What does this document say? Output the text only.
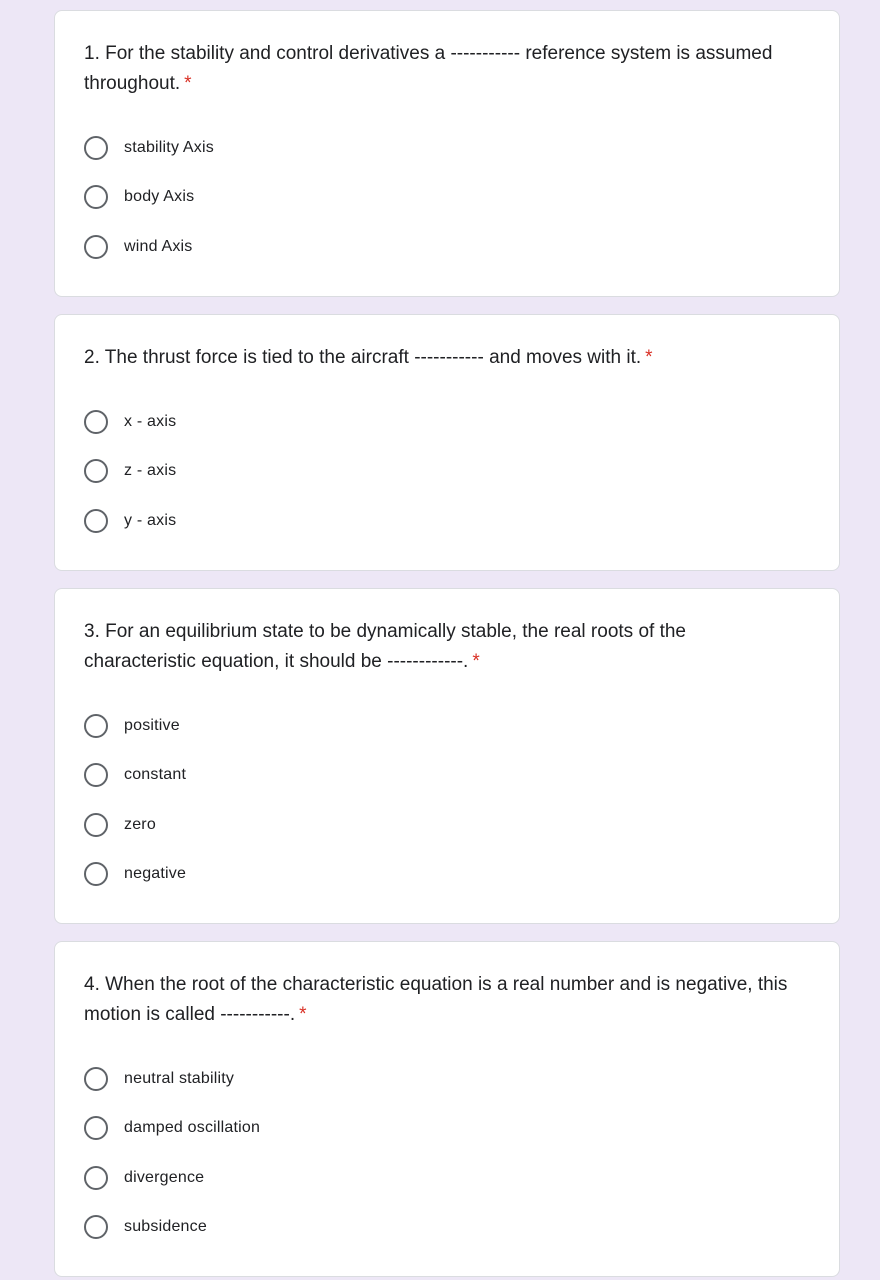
1. For the stability and control derivatives a ----------- reference system is assumed throughout. *
stability Axis
body Axis
wind Axis
2. The thrust force is tied to the aircraft ----------- and moves with it. *
x - axis
z - axis
y - axis
3. For an equilibrium state to be dynamically stable, the real roots of the characteristic equation, it should be ------------. *
positive
constant
zero
negative
4. When the root of the characteristic equation is a real number and is negative, this motion is called -----------. *
neutral stability
damped oscillation
divergence
subsidence
